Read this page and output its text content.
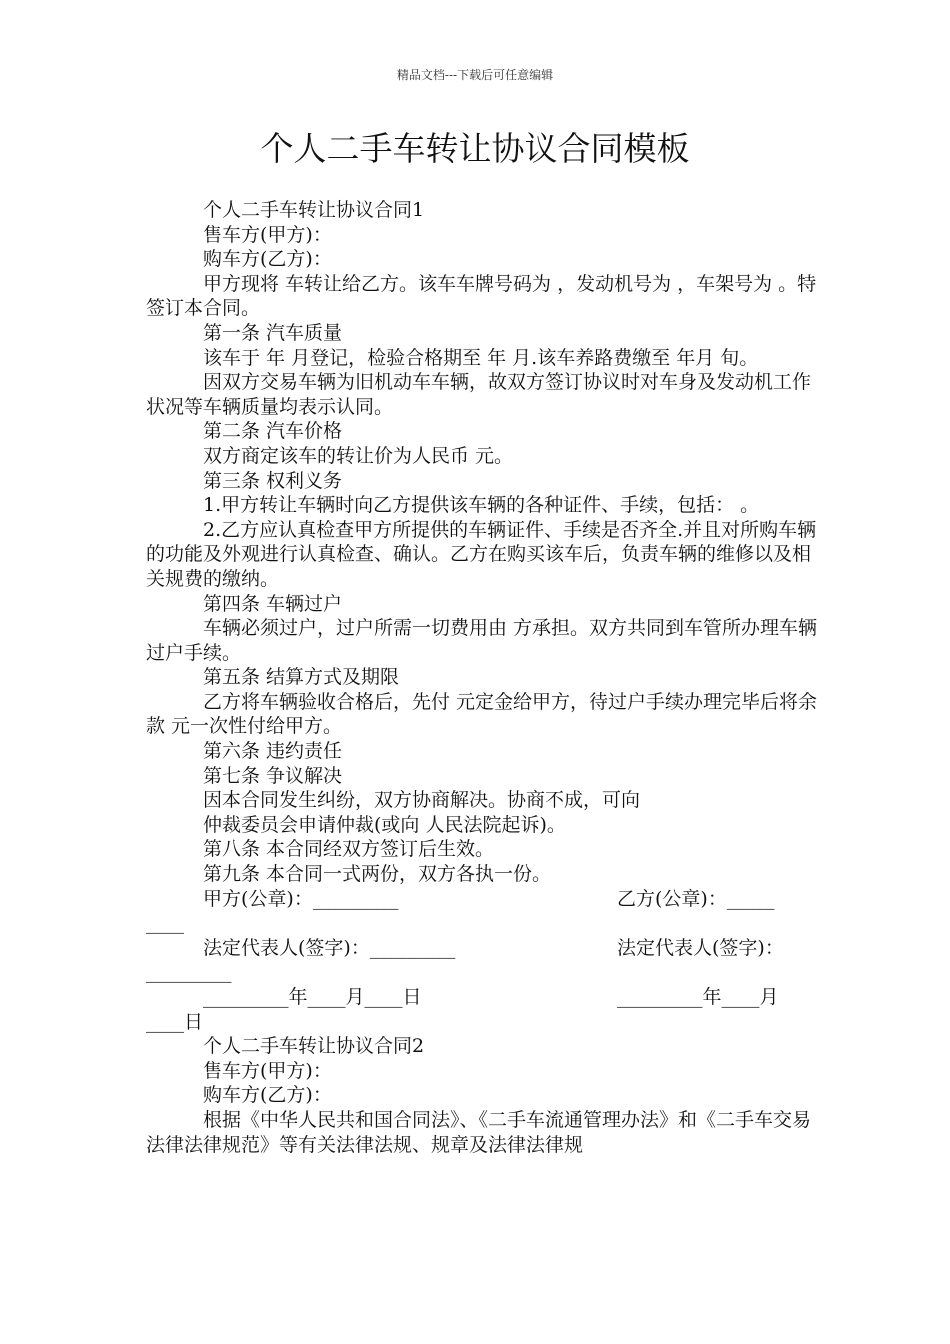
精品文档---下载后可任意编辑
个人二手车转让协议合同模板

个人二手车转让协议合同1

售车方(甲方)：

购车方(乙方)：

甲方现将 车转让给乙方。该车车牌号码为 ，发动机号为 ，车架号为 。特签订本合同。

第一条 汽车质量

该车于 年 月登记，检验合格期至 年 月.该车养路费缴至 年月 旬。

因双方交易车辆为旧机动车车辆，故双方签订协议时对车身及发动机工作状况等车辆质量均表示认同。

第二条 汽车价格

双方商定该车的转让价为人民币 元。

第三条 权利义务

1.甲方转让车辆时向乙方提供该车辆的各种证件、手续，包括： 。

2.乙方应认真检查甲方所提供的车辆证件、手续是否齐全.并且对所购车辆的功能及外观进行认真检查、确认。乙方在购买该车后，负责车辆的维修以及相关规费的缴纳。

第四条 车辆过户

车辆必须过户，过户所需一切费用由 方承担。双方共同到车管所办理车辆过户手续。

第五条 结算方式及期限

乙方将车辆验收合格后，先付 元定金给甲方，待过户手续办理完毕后将余款 元一次性付给甲方。

第六条 违约责任

第七条 争议解决

因本合同发生纠纷，双方协商解决。协商不成，可向

仲裁委员会申请仲裁(或向 人民法院起诉)。

第八条 本合同经双方签订后生效。

第九条 本合同一式两份，双方各执一份。

甲方(公章)：_________	乙方(公章)：_____

____

法定代表人(签字)：_________	法定代表人(签字)：

_________

_________年____月____日	_________年____月

____日

个人二手车转让协议合同2

售车方(甲方)：

购车方(乙方)：

根据《中华人民共和国合同法》、《二手车流通管理办法》和《二手车交易法律法律规范》等有关法律法规、规章及法律法律规
